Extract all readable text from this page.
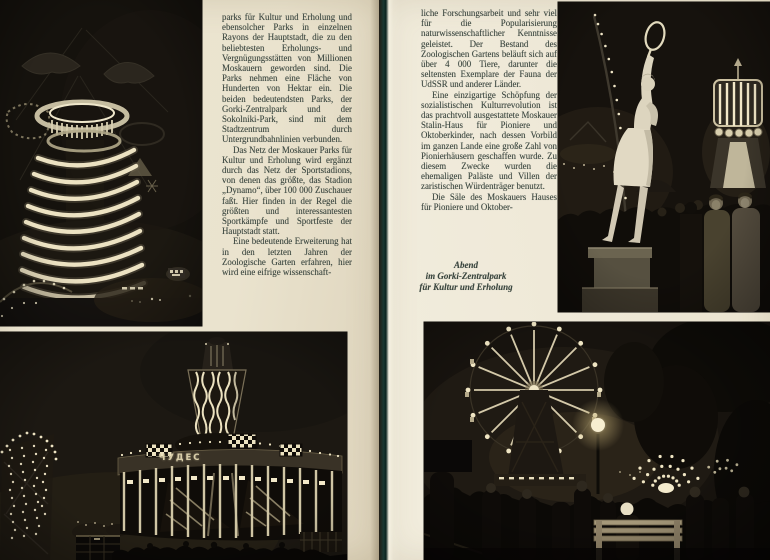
parks für Kultur und Erholung und ebensolcher Parks in einzelnen Rayons der Hauptstadt, die zu den beliebtesten Erholungs- und Vergnügungsstätten von Millionen Moskauern geworden sind. Die Parks nehmen eine Fläche von Hunderten von Hektar ein. Die beiden bedeutendsten Parks, der Gorki-Zentralpark und der Sokolniki-Park, sind mit dem Stadtzentrum durch Untergrundbahnlinien verbunden.

Das Netz der Moskauer Parks für Kultur und Erholung wird ergänzt durch das Netz der Sportstadions, von denen das größte, das Stadion „Dynamo“, über 100 000 Zuschauer faßt. Hier finden in der Regel die größten und interessantesten Sportkämpfe und Sportfeste der Hauptstadt statt.

Eine bedeutende Erweiterung hat in den letzten Jahren der Zoologische Garten erfahren, hier wird eine eifrige wissenschaft-

ЧУДЕС

liche Forschungsarbeit und sehr viel für die Popularisierung naturwissenschaftlicher Kenntnisse geleistet. Der Bestand des Zoologischen Gartens beläuft sich auf über 4 000 Tiere, darunter die seltensten Exemplare der Fauna der UdSSR und anderer Länder.

Eine einzigartige Schöpfung der sozialistischen Kulturrevolution ist das prachtvoll ausgestattete Moskauer Stalin-Haus für Pioniere und Oktoberkinder, nach dessen Vorbild im ganzen Lande eine große Zahl von Pionierhäusern geschaffen wurde. Zu diesem Zwecke wurden die ehemaligen Paläste und Villen der zaristischen Würdenträger benutzt.

Die Säle des Moskauers Hauses für Pioniere und Oktober-

Abend
im Gorki-Zentralpark
für Kultur und Erholung
